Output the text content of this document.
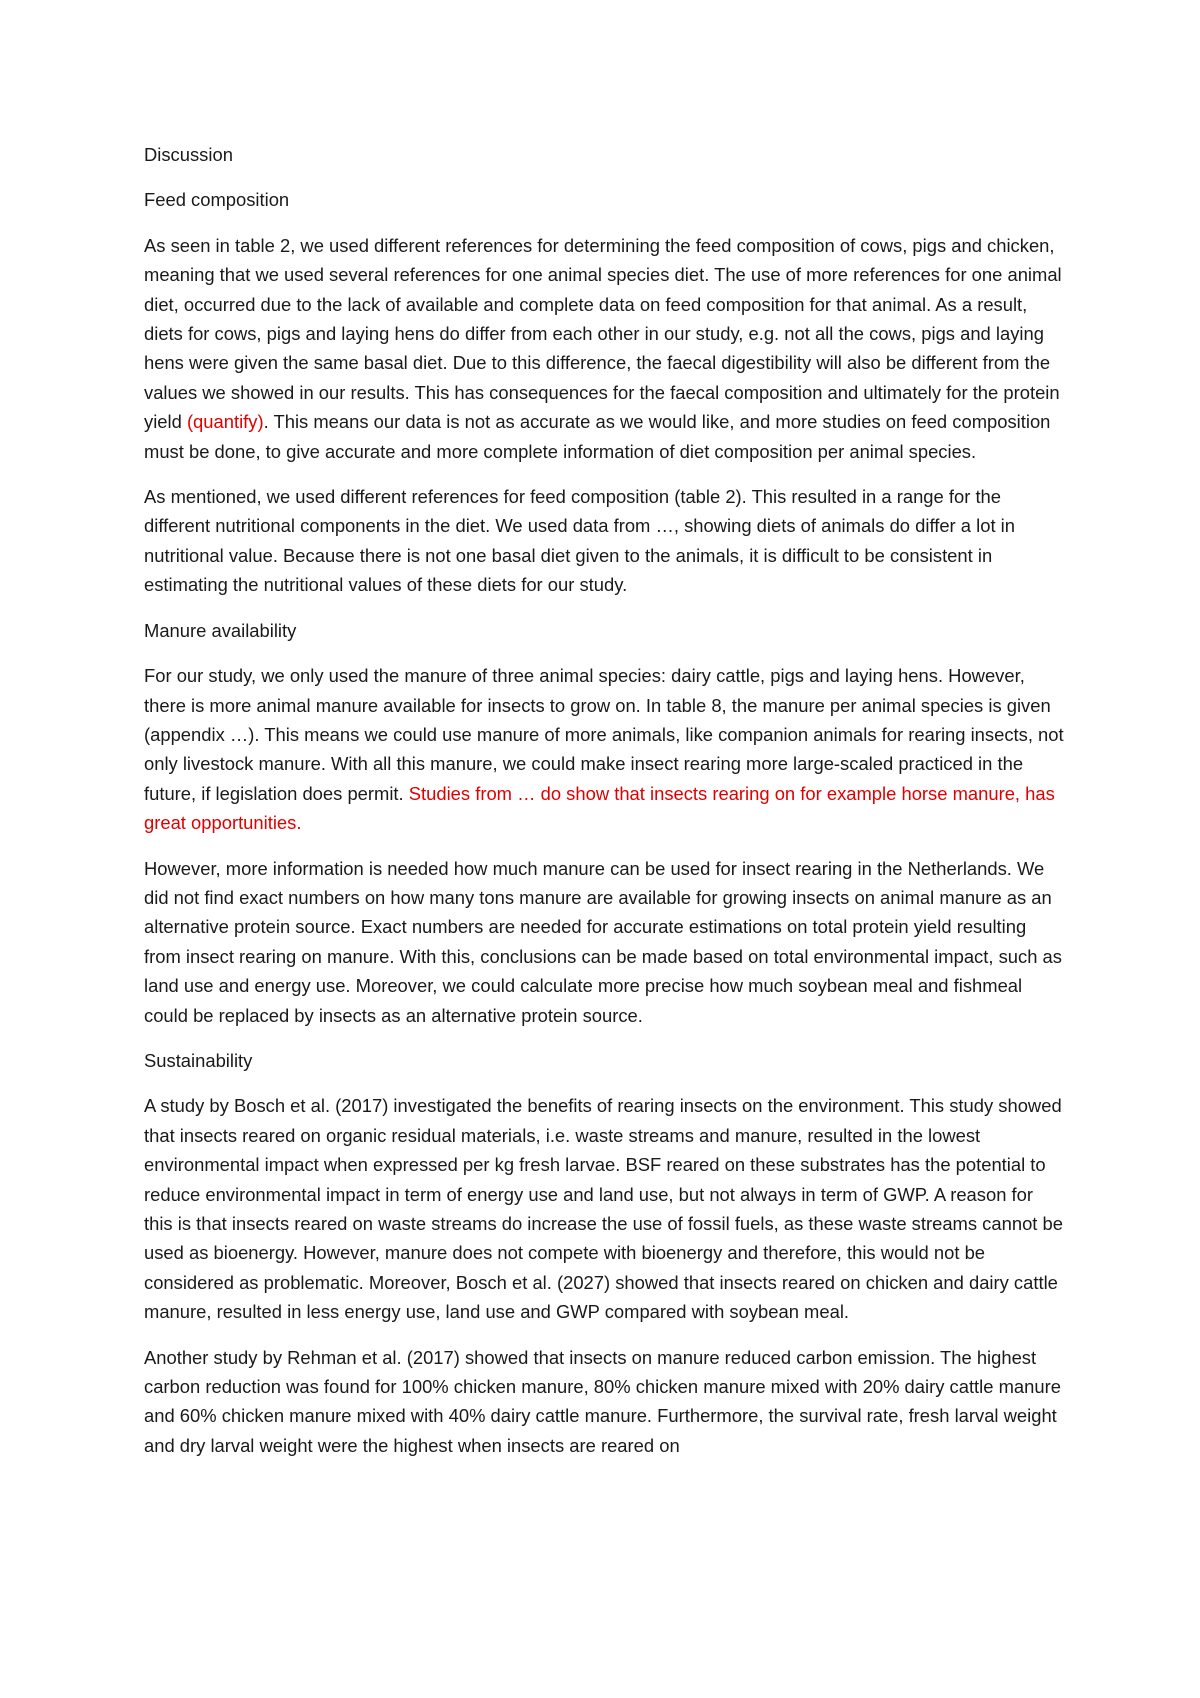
Discussion
Feed composition

As seen in table 2, we used different references for determining the feed composition of cows, pigs and chicken, meaning that we used several references for one animal species diet. The use of more references for one animal diet, occurred due to the lack of available and complete data on feed composition for that animal. As a result, diets for cows, pigs and laying hens do differ from each other in our study, e.g. not all the cows, pigs and laying hens were given the same basal diet. Due to this difference, the faecal digestibility will also be different from the values we showed in our results. This has consequences for the faecal composition and ultimately for the protein yield (quantify). This means our data is not as accurate as we would like, and more studies on feed composition must be done, to give accurate and more complete information of diet composition per animal species.

As mentioned, we used different references for feed composition (table 2). This resulted in a range for the different nutritional components in the diet. We used data from …, showing diets of animals do differ a lot in nutritional value. Because there is not one basal diet given to the animals, it is difficult to be consistent in estimating the nutritional values of these diets for our study.

Manure availability

For our study, we only used the manure of three animal species: dairy cattle, pigs and laying hens. However, there is more animal manure available for insects to grow on. In table 8, the manure per animal species is given (appendix …). This means we could use manure of more animals, like companion animals for rearing insects, not only livestock manure. With all this manure, we could make insect rearing more large-scaled practiced in the future, if legislation does permit. Studies from … do show that insects rearing on for example horse manure, has great opportunities.

However, more information is needed how much manure can be used for insect rearing in the Netherlands. We did not find exact numbers on how many tons manure are available for growing insects on animal manure as an alternative protein source. Exact numbers are needed for accurate estimations on total protein yield resulting from insect rearing on manure. With this, conclusions can be made based on total environmental impact, such as land use and energy use. Moreover, we could calculate more precise how much soybean meal and fishmeal could be replaced by insects as an alternative protein source.

Sustainability

A study by Bosch et al. (2017) investigated the benefits of rearing insects on the environment. This study showed that insects reared on organic residual materials, i.e. waste streams and manure, resulted in the lowest environmental impact when expressed per kg fresh larvae. BSF reared on these substrates has the potential to reduce environmental impact in term of energy use and land use, but not always in term of GWP. A reason for this is that insects reared on waste streams do increase the use of fossil fuels, as these waste streams cannot be used as bioenergy. However, manure does not compete with bioenergy and therefore, this would not be considered as problematic. Moreover, Bosch et al. (2027) showed that insects reared on chicken and dairy cattle manure, resulted in less energy use, land use and GWP compared with soybean meal.

Another study by Rehman et al. (2017) showed that insects on manure reduced carbon emission. The highest carbon reduction was found for 100% chicken manure, 80% chicken manure mixed with 20% dairy cattle manure and 60% chicken manure mixed with 40% dairy cattle manure. Furthermore, the survival rate, fresh larval weight and dry larval weight were the highest when insects are reared on
